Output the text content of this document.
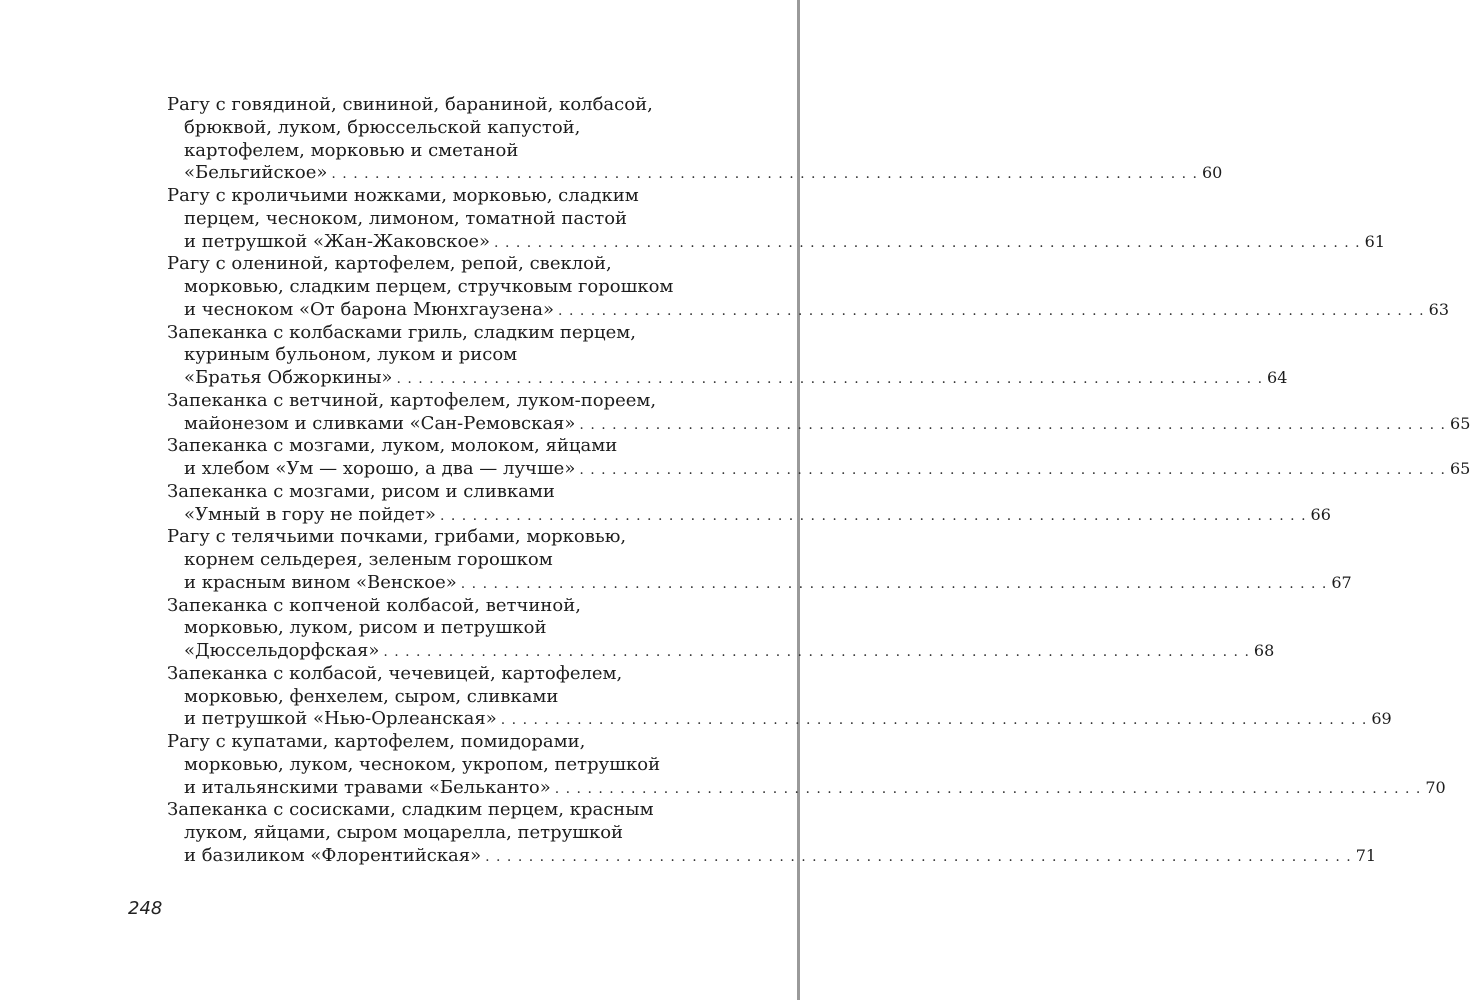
Рагу с говядиной, свининой, бараниной, колбасой,
брюквой, луком, брюссельской капустой,
картофелем, морковью и сметаной
«Бельгийское» . . . . . . . . . . . . . . . . . . . . . . . . . . . . . . . . . . . . . . . . . . . . . . . . . . . . . . . . . . . . . . . . . . . . . . . . . . . . . . . . 60
Рагу с кроличьими ножками, морковью, сладким
перцем, чесноком, лимоном, томатной пастой
и петрушкой «Жан-Жаковское» . . . . . . . . . . . . . . . . . . . . . . . . . . . . . . . . . . . . . . . . . . . . . . . . . . . . . . . . . . . . . . . . . . . . . . . . . . . . . . . . 61
Рагу с олениной, картофелем, репой, свеклой,
морковью, сладким перцем, стручковым горошком
и чесноком «От барона Мюнхгаузена» . . . . . . . . . . . . . . . . . . . . . . . . . . . . . . . . . . . . . . . . . . . . . . . . . . . . . . . . . . . . . . . . . . . . . . . . . . . . . . . . 63
Запеканка с колбасками гриль, сладким перцем,
куриным бульоном, луком и рисом
«Братья Обжоркины» . . . . . . . . . . . . . . . . . . . . . . . . . . . . . . . . . . . . . . . . . . . . . . . . . . . . . . . . . . . . . . . . . . . . . . . . . . . . . . . . 64
Запеканка с ветчиной, картофелем, луком-пореем,
майонезом и сливками «Сан-Ремовская» . . . . . . . . . . . . . . . . . . . . . . . . . . . . . . . . . . . . . . . . . . . . . . . . . . . . . . . . . . . . . . . . . . . . . . . . . . . . . . . . 65
Запеканка с мозгами, луком, молоком, яйцами
и хлебом «Ум — хорошо, а два — лучше» . . . . . . . . . . . . . . . . . . . . . . . . . . . . . . . . . . . . . . . . . . . . . . . . . . . . . . . . . . . . . . . . . . . . . . . . . . . . . . . . 65
Запеканка с мозгами, рисом и сливками
«Умный в гору не пойдет» . . . . . . . . . . . . . . . . . . . . . . . . . . . . . . . . . . . . . . . . . . . . . . . . . . . . . . . . . . . . . . . . . . . . . . . . . . . . . . . . 66
Рагу с телячьими почками, грибами, морковью,
корнем сельдерея, зеленым горошком
и красным вином «Венское» . . . . . . . . . . . . . . . . . . . . . . . . . . . . . . . . . . . . . . . . . . . . . . . . . . . . . . . . . . . . . . . . . . . . . . . . . . . . . . . . 67
Запеканка с копченой колбасой, ветчиной,
морковью, луком, рисом и петрушкой
«Дюссельдорфская» . . . . . . . . . . . . . . . . . . . . . . . . . . . . . . . . . . . . . . . . . . . . . . . . . . . . . . . . . . . . . . . . . . . . . . . . . . . . . . . . 68
Запеканка с колбасой, чечевицей, картофелем,
морковью, фенхелем, сыром, сливками
и петрушкой «Нью-Орлеанская» . . . . . . . . . . . . . . . . . . . . . . . . . . . . . . . . . . . . . . . . . . . . . . . . . . . . . . . . . . . . . . . . . . . . . . . . . . . . . . . . 69
Рагу с купатами, картофелем, помидорами,
морковью, луком, чесноком, укропом, петрушкой
и итальянскими травами «Бельканто» . . . . . . . . . . . . . . . . . . . . . . . . . . . . . . . . . . . . . . . . . . . . . . . . . . . . . . . . . . . . . . . . . . . . . . . . . . . . . . . . 70
Запеканка с сосисками, сладким перцем, красным
луком, яйцами, сыром моцарелла, петрушкой
и базиликом «Флорентийская» . . . . . . . . . . . . . . . . . . . . . . . . . . . . . . . . . . . . . . . . . . . . . . . . . . . . . . . . . . . . . . . . . . . . . . . . . . . . . . . . 71
248
